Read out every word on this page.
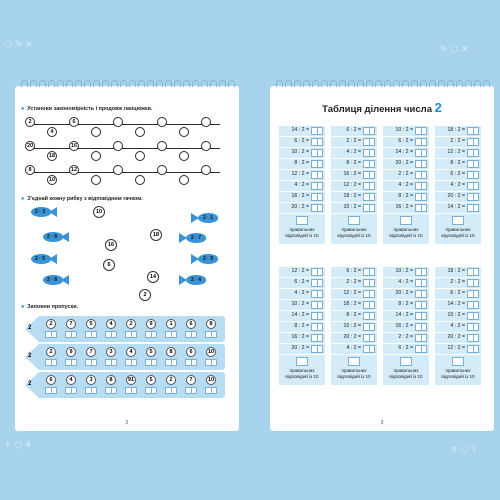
○ ✎ ✕	✎ ○ ✕
+ ○ 4	✕ ○ 7
● Установи закономірність і продовж ланцюжки.
2
4
6
20
18
16
8
10
12
● З'єднай кожну рибку з відповідним гачком.
2 · 3
2 · 8
2 · 5
2 · 8
2 · 1
2 · 7
2 · 9
2 · 4
10
18
16
6
14
2
● Заповни пропуски.
2
2	7	5	4	2	9	1	6	8
2
2	9	7	3	4	5	8	6	10
2
6	4	3	8	91	5	2	7	10
2
Таблиця ділення числа 2
14 : 2 =
6 : 2 =
10 : 2 =
8 : 2 =
12 : 2 =
4 : 2 =
16 : 2 =
20 : 2 =
правильних
відповідей із 10
6 : 2 =
2 : 2 =
4 : 2 =
8 : 2 =
16 : 2 =
12 : 2 =
18 : 2 =
10 : 2 =
правильних
відповідей із 10
10 : 2 =
6 : 2 =
14 : 2 =
20 : 2 =
2 : 2 =
4 : 2 =
8 : 2 =
16 : 2 =
правильних
відповідей із 10
18 : 2 =
2 : 2 =
12 : 2 =
8 : 2 =
6 : 2 =
4 : 2 =
20 : 2 =
14 : 2 =
правильних
відповідей із 10
12 : 2 =
6 : 2 =
4 : 2 =
10 : 2 =
14 : 2 =
8 : 2 =
16 : 2 =
20 : 2 =
правильних
відповідей із 10
6 : 2 =
2 : 2 =
12 : 2 =
18 : 2 =
8 : 2 =
10 : 2 =
20 : 2 =
4 : 2 =
правильних
відповідей із 10
10 : 2 =
4 : 2 =
20 : 2 =
8 : 2 =
14 : 2 =
16 : 2 =
2 : 2 =
6 : 2 =
правильних
відповідей із 10
18 : 2 =
2 : 2 =
6 : 2 =
14 : 2 =
10 : 2 =
4 : 2 =
20 : 2 =
12 : 2 =
правильних
відповідей із 10
3
